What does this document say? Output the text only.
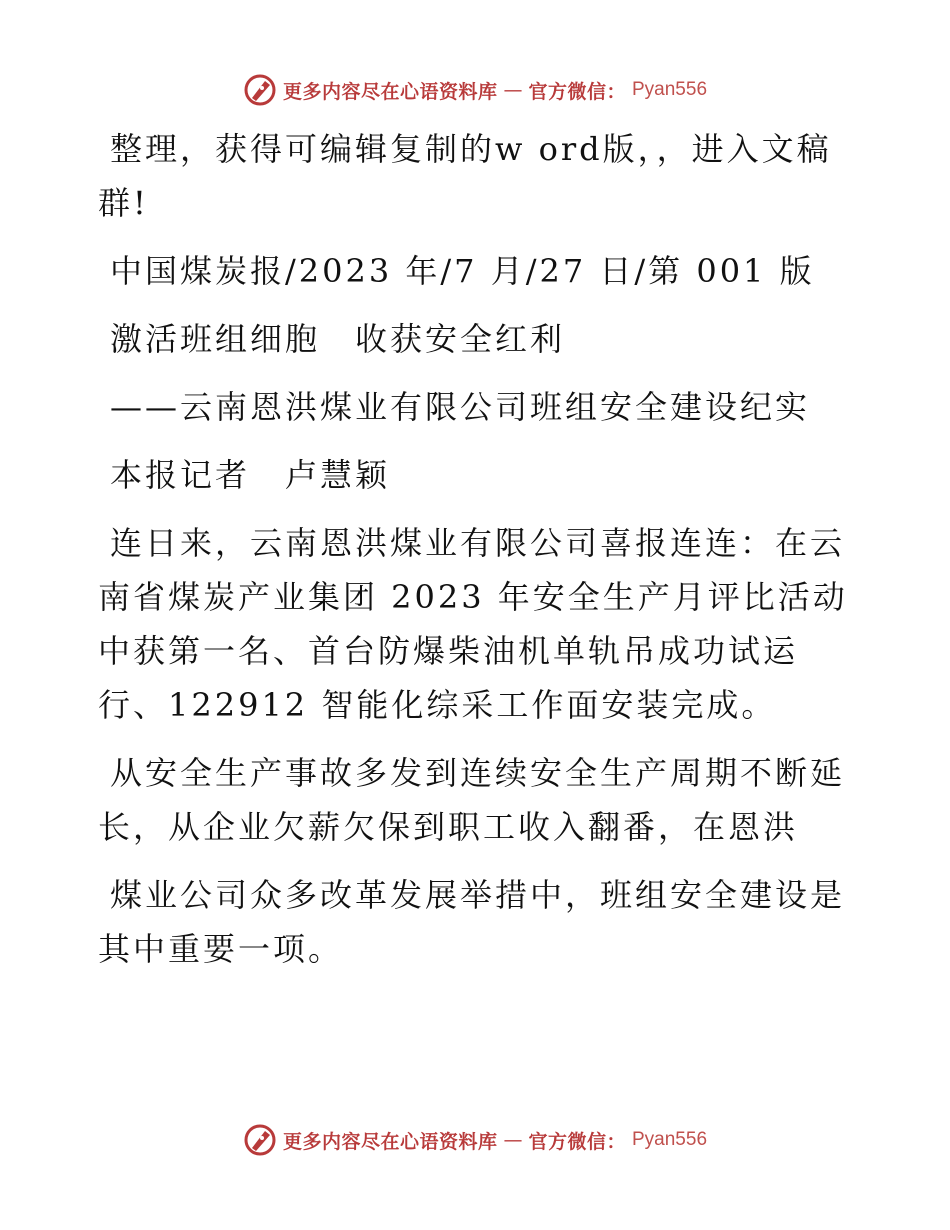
更多内容尽在心语资料库 — 官方微信： Pyan556

整理，获得可编辑复制的w ord版，，进入文稿群!

中国煤炭报/2023 年/7 月/27 日/第 001 版

激活班组细胞　收获安全红利

——云南恩洪煤业有限公司班组安全建设纪实

本报记者　卢慧颖

连日来，云南恩洪煤业有限公司喜报连连：在云南省煤炭产业集团 2023 年安全生产月评比活动中获第一名、首台防爆柴油机单轨吊成功试运行、122912 智能化综采工作面安装完成。

从安全生产事故多发到连续安全生产周期不断延长，从企业欠薪欠保到职工收入翻番，在恩洪

煤业公司众多改革发展举措中，班组安全建设是其中重要一项。

更多内容尽在心语资料库 — 官方微信： Pyan556
